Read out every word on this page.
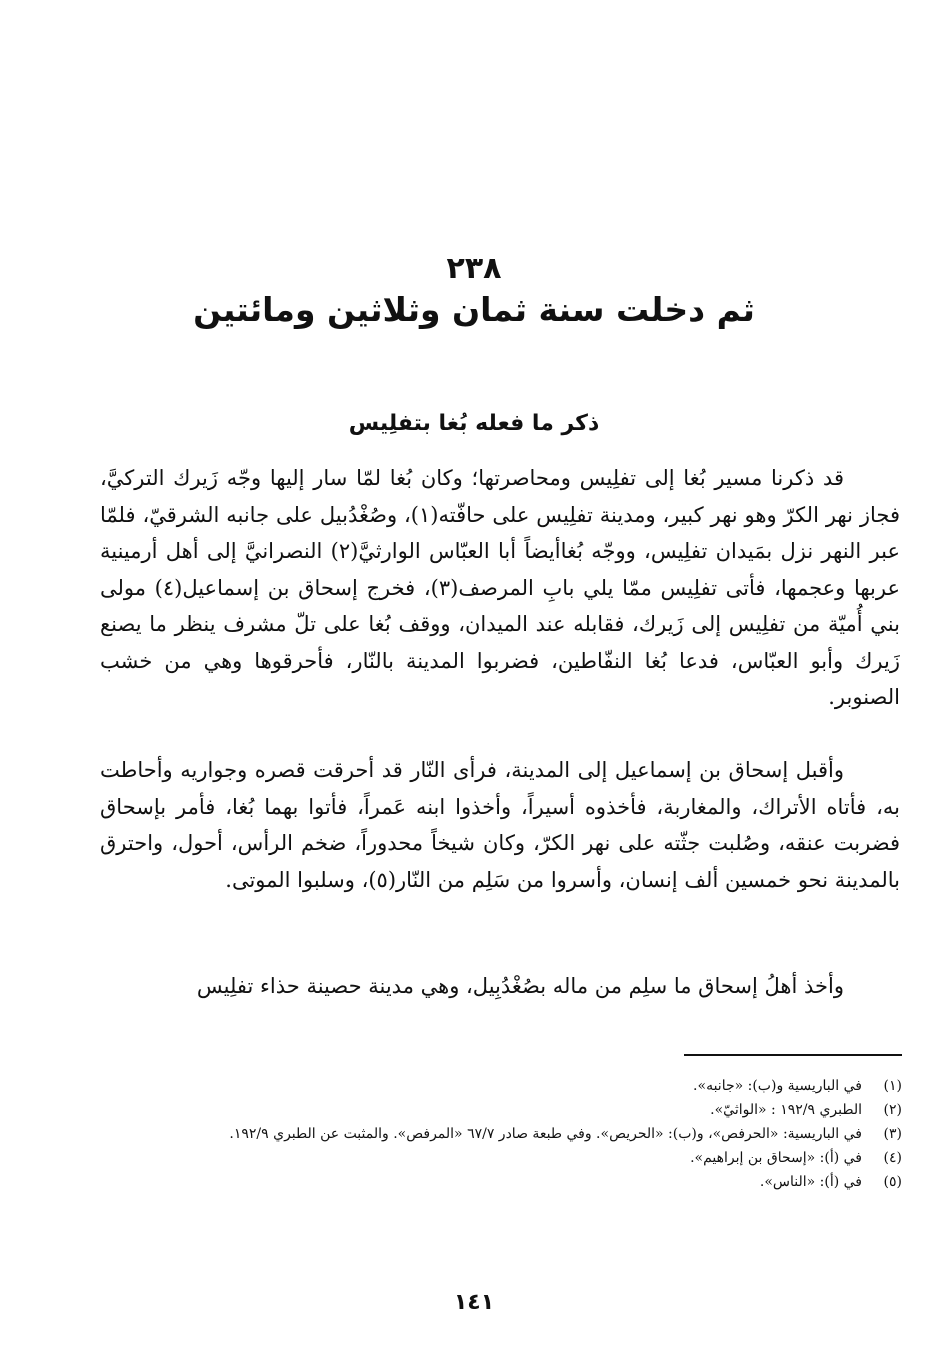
٢٣٨
ثم دخلت سنة ثمان وثلاثين ومائتين
ذكر ما فعله بُغا بتفلِيس

قد ذكرنا مسير بُغا إلى تفلِيس ومحاصرتها؛ وكان بُغا لمّا سار إليها وجّه زَيرك التركيَّ، فجاز نهر الكرّ وهو نهر كبير، ومدينة تفلِيس على حافّته(١)، وصُغْدُبيل على جانبه الشرقيّ، فلمّا عبر النهر نزل بمَيدان تفلِيس، ووجّه بُغاأيضاً أبا العبّاس الوارثيَّ(٢) النصرانيَّ إلى أهل أرمينية عربها وعجمها، فأتى تفلِيس ممّا يلي بابِ المرصف(٣)، فخرج إسحاق بن إسماعيل(٤) مولى بني أُميّة من تفلِيس إلى زَيرك، فقابله عند الميدان، ووقف بُغا على تلّ مشرف ينظر ما يصنع زَيرك وأبو العبّاس، فدعا بُغا النفّاطين، فضربوا المدينة بالنّار، فأحرقوها وهي من خشب الصنوبر.

وأقبل إسحاق بن إسماعيل إلى المدينة، فرأى النّار قد أحرقت قصره وجواريه وأحاطت به، فأتاه الأتراك، والمغاربة، فأخذوه أسيراً، وأخذوا ابنه عَمراً، فأتوا بهما بُغا، فأمر بإسحاق فضربت عنقه، وصُلبت جثّته على نهر الكرّ، وكان شيخاً محدوراً، ضخم الرأس، أحول، واحترق بالمدينة نحو خمسين ألف إنسان، وأسروا من سَلِم من النّار(٥)، وسلبوا الموتى.

وأخذ أهلُ إسحاق ما سلِم من ماله بصُغْدُبِيل، وهي مدينة حصينة حذاء تفلِيس

(١)
في الباريسية و(ب): «جانبه».
(٢)
الطبري ١٩٢/٩ : «الواثيّ».
(٣)
في الباريسية: «الحرفص»، و(ب): «الحريص». وفي طبعة صادر ٦٧/٧ «المرفص». والمثبت عن الطبري ١٩٢/٩.
(٤)
في (أ): «إسحاق بن إبراهيم».
(٥)
في (أ): «الناس».
١٤١
